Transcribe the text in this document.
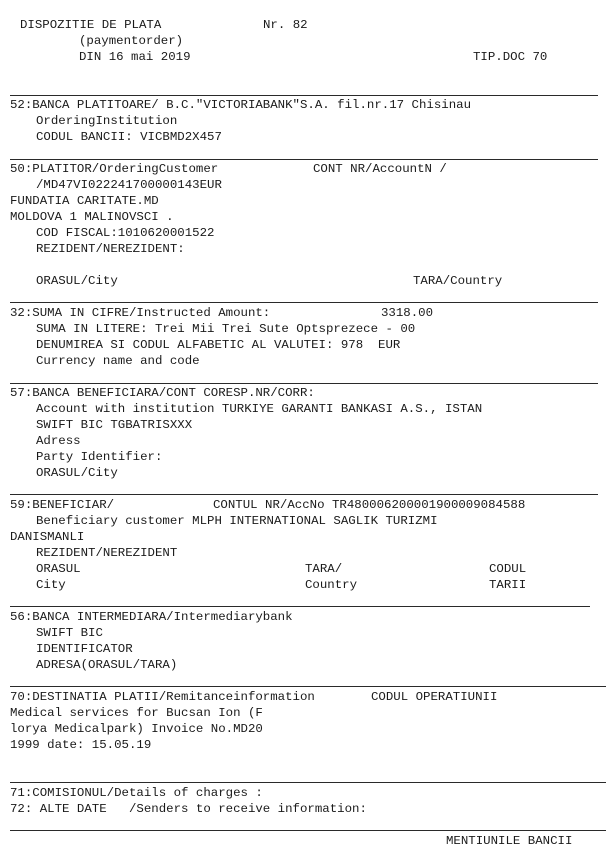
DISPOZITIE DE PLATA	Nr. 82
(paymentorder)
DIN 16 mai 2019	TIP.DOC 70
52:BANCA PLATITOARE/ B.C."VICTORIABANK"S.A. fil.nr.17 Chisinau
OrderingInstitution
CODUL BANCII: VICBMD2X457
50:PLATITOR/OrderingCustomer	CONT NR/AccountN /
/MD47VI022241700000143EUR
FUNDATIA CARITATE.MD
MOLDOVA 1 MALINOVSCI .
COD FISCAL:1010620001522
REZIDENT/NEREZIDENT:
ORASUL/City	TARA/Country
32:SUMA IN CIFRE/Instructed Amount:	3318.00
SUMA IN LITERE: Trei Mii Trei Sute Optsprezece - 00
DENUMIREA SI CODUL ALFABETIC AL VALUTEI: 978  EUR
Currency name and code
57:BANCA BENEFICIARA/CONT CORESP.NR/CORR:
Account with institution TURKIYE GARANTI BANKASI A.S., ISTAN
SWIFT BIC TGBATRISXXX
Adress
Party Identifier:
ORASUL/City
59:BENEFICIAR/	CONTUL NR/AccNo TR480006200001900009084588
Beneficiary customer MLPH INTERNATIONAL SAGLIK TURIZMI
DANISMANLI
REZIDENT/NEREZIDENT
ORASUL	TARA/	CODUL
City	Country	TARII
56:BANCA INTERMEDIARA/Intermediarybank
SWIFT BIC
IDENTIFICATOR
ADRESA(ORASUL/TARA)
70:DESTINATIA PLATII/Remitanceinformation	CODUL OPERATIUNII
Medical services for Bucsan Ion (F
lorya Medicalpark) Invoice No.MD20
1999 date: 15.05.19
71:COMISIONUL/Details of charges :
72: ALTE DATE   /Senders to receive information:
MENTIUNILE BANCII
